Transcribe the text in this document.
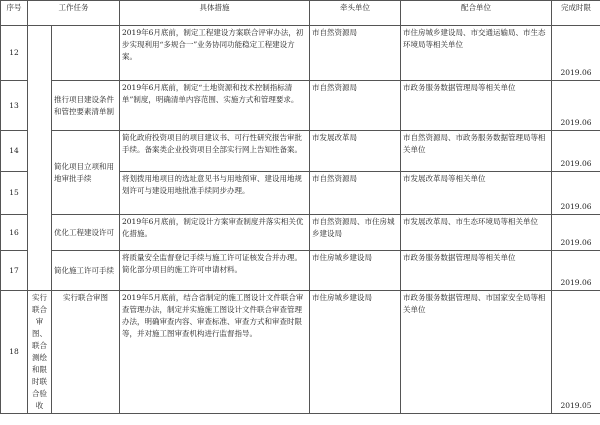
序号	工作任务		具体措施	牵头单位	配合单位	完成时限
12			2019年6月底前，制定工程建设方案联合评审办法，初步实现利用“多规合一”业务协同功能稳定工程建设方案。	市自然资源局	市住房城乡建设局、市交通运输局、市生态环境局等相关单位	2019.06
13		推行项目建设条件和管控要素清单制	2019年6月底前，制定“土地资源和技术控制指标清单”制度，明确清单内容范围、实施方式和管理要求。	市自然资源局	市政务服务数据管理局等相关单位	2019.06
14		简化项目立项和用地审批手续	简化政府投资项目的项目建议书、可行性研究报告审批手续。备案类企业投资项目全部实行网上告知性备案。	市发展改革局	市自然资源局、市政务服务数据管理局等相关单位	2019.06
15			将划拨用地项目的选址意见书与用地预审、建设用地规划许可与建设用地批准手续同步办理。	市自然资源局	市发展改革局等相关单位	2019.06
16		优化工程建设许可	2019年6月底前，制定设计方案审查制度并落实相关优化措施。	市自然资源局、市住房城乡建设局	市发展改革局、市生态环境局等相关单位	2019.06
17		简化施工许可手续	将质量安全监督登记手续与施工许可证核发合并办理。简化部分项目的施工许可申请材料。	市住房城乡建设局	市政务服务数据管理局等相关单位	2019.06
18	实行联合审图、联合测绘和限时联合验收	实行联合审图	2019年5月底前，结合省制定的施工图设计文件联合审查管理办法，制定并实施施工图设计文件联合审查管理办法，明确审查内容、审查标准、审查方式和审查时限等，并对施工图审查机构进行监督指导。	市住房城乡建设局	市政务服务数据管理局、市国家安全局等相关单位	2019.05
